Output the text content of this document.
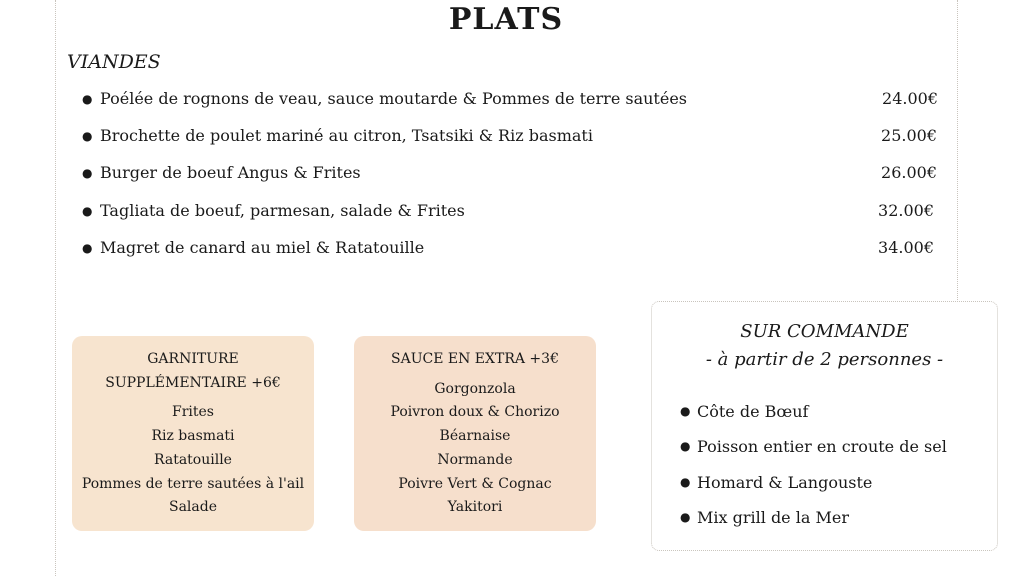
PLATS
VIANDES
● Poélée de rognons de veau, sauce moutarde & Pommes de terre sautées	24.00€
● Brochette de poulet mariné au citron, Tsatsiki & Riz basmati	25.00€
● Burger de boeuf Angus & Frites	26.00€
● Tagliata de boeuf, parmesan, salade & Frites	32.00€
● Magret de canard au miel & Ratatouille	34.00€
GARNITURE
SUPPLÉMENTAIRE +6€
Frites
Riz basmati
Ratatouille
Pommes de terre sautées à l'ail
Salade
SAUCE EN EXTRA +3€
Gorgonzola
Poivron doux & Chorizo
Béarnaise
Normande
Poivre Vert & Cognac
Yakitori
SUR COMMANDE
- à partir de 2 personnes -
● Côte de Bœuf
● Poisson entier en croute de sel
● Homard & Langouste
● Mix grill de la Mer
